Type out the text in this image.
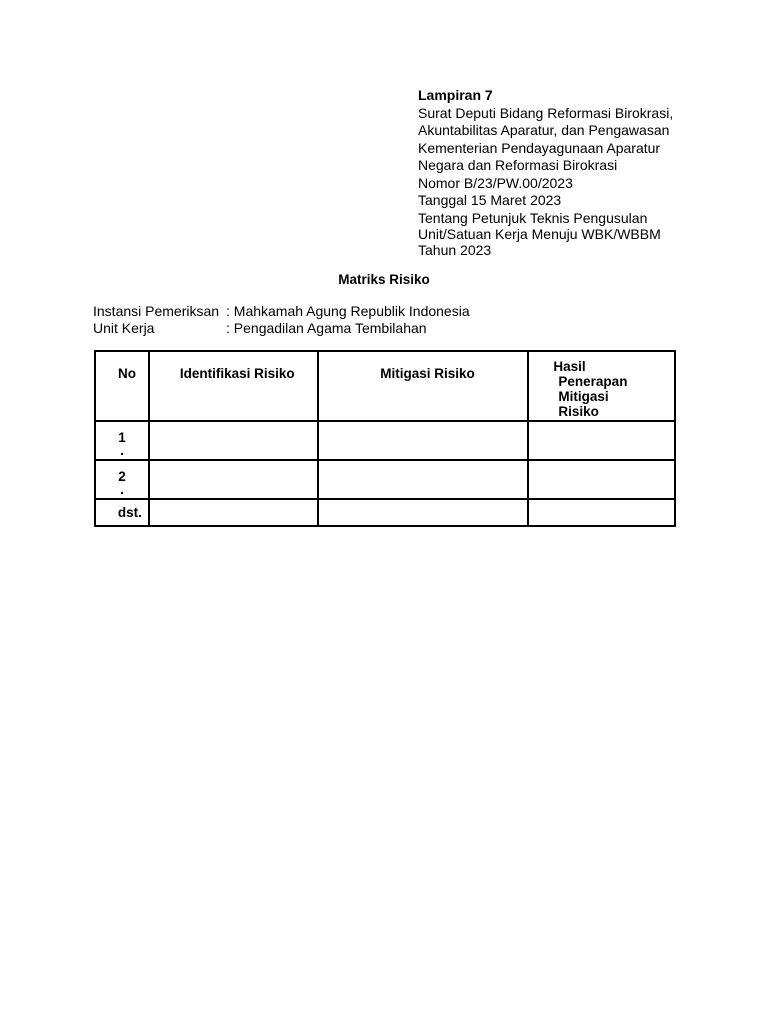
Lampiran 7
Surat Deputi Bidang Reformasi Birokrasi,
Akuntabilitas Aparatur, dan Pengawasan
Kementerian Pendayagunaan Aparatur
Negara dan Reformasi Birokrasi
Nomor B/23/PW.00/2023
Tanggal 15 Maret 2023
Tentang Petunjuk Teknis Pengusulan
Unit/Satuan Kerja Menuju WBK/WBBM
Tahun 2023
Matriks Risiko
Instansi Pemeriksan : Mahkamah Agung Republik Indonesia
Unit Kerja	: Pengadilan Agama Tembilahan
No	Identifikasi Risiko	Mitigasi Risiko	Hasil
Penerapan
Mitigasi
Risiko

1
.			

2
.			

dst.			
